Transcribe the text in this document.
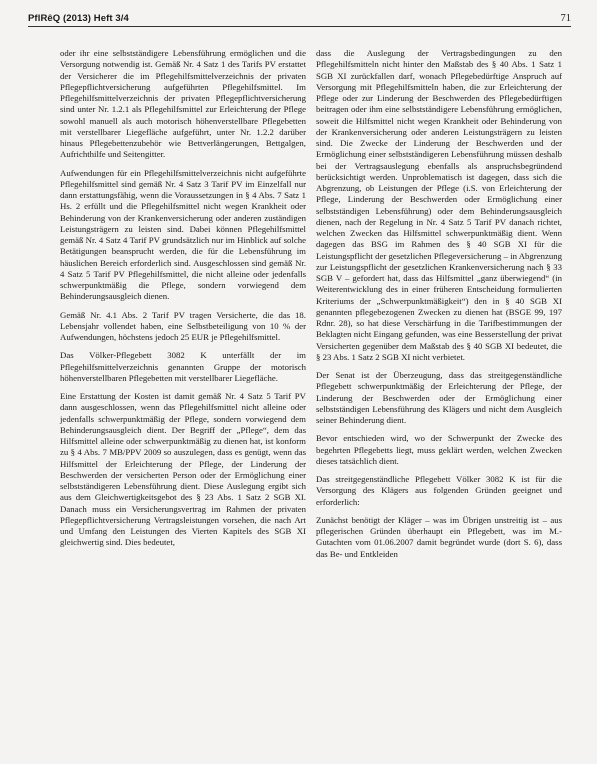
PflRêQ (2013) Heft 3/4	71

oder ihr eine selbstständigere Lebensführung ermöglichen und die Versorgung notwendig ist. Gemäß Nr. 4 Satz 1 des Tarifs PV erstattet der Versicherer die im Pflegehilfsmittelverzeichnis der privaten Pflegepflichtversicherung aufgeführten Pflegehilfsmittel. Im Pflegehilfsmittelverzeichnis der privaten Pflegepflichtversicherung sind unter Nr. 1.2.1 als Pflegehilfsmittel zur Erleichterung der Pflege sowohl manuell als auch motorisch höhenverstellbare Pflegebetten mit verstellbarer Liegefläche aufgeführt, unter Nr. 1.2.2 darüber hinaus Pflegebettenzubehör wie Bettverlängerungen, Bettgalgen, Aufrichthilfe und Seitengitter.

Aufwendungen für ein Pflegehilfsmittelverzeichnis nicht aufgeführte Pflegehilfsmittel sind gemäß Nr. 4 Satz 3 Tarif PV im Einzelfall nur dann erstattungsfähig, wenn die Voraussetzungen in § 4 Abs. 7 Satz 1 Hs. 2 erfüllt und die Pflegehilfsmittel nicht wegen Krankheit oder Behinderung von der Krankenversicherung oder anderen zuständigen Leistungsträgern zu leisten sind. Dabei können Pflegehilfsmittel gemäß Nr. 4 Satz 4 Tarif PV grundsätzlich nur im Hinblick auf solche Betätigungen beansprucht werden, die für die Lebensführung im häuslichen Bereich erforderlich sind. Ausgeschlossen sind gemäß Nr. 4 Satz 5 Tarif PV Pflegehilfsmittel, die nicht alleine oder jedenfalls schwerpunktmäßig die Pflege, sondern vorwiegend dem Behinderungsausgleich dienen.

Gemäß Nr. 4.1 Abs. 2 Tarif PV tragen Versicherte, die das 18. Lebensjahr vollendet haben, eine Selbstbeteiligung von 10 % der Aufwendungen, höchstens jedoch 25 EUR je Pflegehilfsmittel.

Das Völker-Pflegebett 3082 K unterfällt der im Pflegehilfsmittelverzeichnis genannten Gruppe der motorisch höhenverstellbaren Pflegebetten mit verstellbarer Liegefläche.

Eine Erstattung der Kosten ist damit gemäß Nr. 4 Satz 5 Tarif PV dann ausgeschlossen, wenn das Pflegehilfsmittel nicht alleine oder jedenfalls schwerpunktmäßig der Pflege, sondern vorwiegend dem Behinderungsausgleich dient. Der Begriff der „Pflege“, dem das Hilfsmittel alleine oder schwerpunktmäßig zu dienen hat, ist konform zu § 4 Abs. 7 MB/PPV 2009 so auszulegen, dass es genügt, wenn das Hilfsmittel der Erleichterung der Pflege, der Linderung der Beschwerden der versicherten Person oder der Ermöglichung einer selbstständigeren Lebensführung dient. Diese Auslegung ergibt sich aus dem Gleichwertigkeitsgebot des § 23 Abs. 1 Satz 2 SGB XI. Danach muss ein Versicherungsvertrag im Rahmen der privaten Pflegepflichtversicherung Vertragsleistungen vorsehen, die nach Art und Umfang den Leistungen des Vierten Kapitels des SGB XI gleichwertig sind. Dies bedeutet,

dass die Auslegung der Vertragsbedingungen zu den Pflegehilfsmitteln nicht hinter den Maßstab des § 40 Abs. 1 Satz 1 SGB XI zurückfallen darf, wonach Pflegebedürftige Anspruch auf Versorgung mit Pflegehilfsmitteln haben, die zur Erleichterung der Pflege oder zur Linderung der Beschwerden des Pflegebedürftigen beitragen oder ihm eine selbstständigere Lebensführung ermöglichen, soweit die Hilfsmittel nicht wegen Krankheit oder Behinderung von der Krankenversicherung oder anderen Leistungsträgern zu leisten sind. Die Zwecke der Linderung der Beschwerden und der Ermöglichung einer selbstständigeren Lebensführung müssen deshalb bei der Vertragsauslegung ebenfalls als anspruchsbegründend berücksichtigt werden. Unproblematisch ist dagegen, dass sich die Abgrenzung, ob Leistungen der Pflege (i.S. von Erleichterung der Pflege, Linderung der Beschwerden oder Ermöglichung einer selbstständigen Lebensführung) oder dem Behinderungsausgleich dienen, nach der Regelung in Nr. 4 Satz 5 Tarif PV danach richtet, welchen Zwecken das Hilfsmittel schwerpunktmäßig dient. Wenn dagegen das BSG im Rahmen des § 40 SGB XI für die Leistungspflicht der gesetzlichen Pflegeversicherung – in Abgrenzung zur Leistungspflicht der gesetzlichen Krankenversicherung nach § 33 SGB V – gefordert hat, dass das Hilfsmittel „ganz überwiegend“ (in Weiterentwicklung des in einer früheren Entscheidung formulierten Kriteriums der „Schwerpunktmäßigkeit“) den in § 40 SGB XI genannten pflegebezogenen Zwecken zu dienen hat (BSGE 99, 197 Rdnr. 28), so hat diese Verschärfung in die Tarifbestimmungen der Beklagten nicht Eingang gefunden, was eine Besserstellung der privat Versicherten gegenüber dem Maßstab des § 40 SGB XI bedeutet, die § 23 Abs. 1 Satz 2 SGB XI nicht verbietet.

Der Senat ist der Überzeugung, dass das streitgegenständliche Pflegebett schwerpunktmäßig der Erleichterung der Pflege, der Linderung der Beschwerden oder der Ermöglichung einer selbstständigen Lebensführung des Klägers und nicht dem Ausgleich seiner Behinderung dient.

Bevor entschieden wird, wo der Schwerpunkt der Zwecke des begehrten Pflegebetts liegt, muss geklärt werden, welchen Zwecken dieses tatsächlich dient.

Das streitgegenständliche Pflegebett Völker 3082 K ist für die Versorgung des Klägers aus folgenden Gründen geeignet und erforderlich:

Zunächst benötigt der Kläger – was im Übrigen unstreitig ist – aus pflegerischen Gründen überhaupt ein Pflegebett, was im M.-Gutachten vom 01.06.2007 damit begründet wurde (dort S. 6), dass das Be- und Entkleiden
